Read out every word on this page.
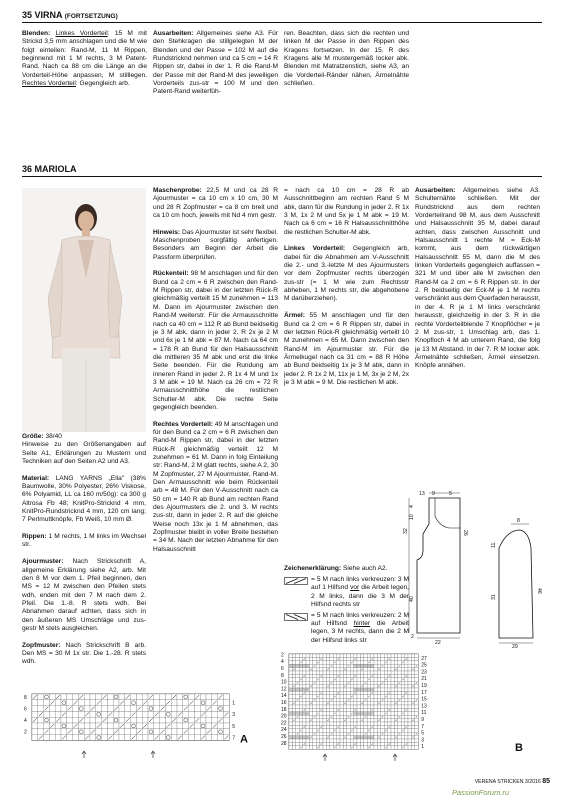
35 VIRNA (FORTSETZUNG)

Blenden: Linkes Vorderteil: 15 M mit Strickd 3,5 mm anschlagen und die M wie folgt einteilen: Rand-M, 11 M Rippen, beginnend mit 1 M rechts, 3 M Patent-Rand. Nach ca 88 cm die Länge an die Vorderteil-Höhe anpassen, M stilllegen. Rechtes Vorderteil: Gegengleich arb.

Ausarbeiten: Allgemeines siehe A3. Für den Stehkragen die stillgelegten M der Blenden und der Passe = 102 M auf die Rundstricknd nehmen und ca 5 cm = 14 R Rippen str, dabei in der 1. R die Rand-M der Passe mit der Rand-M des jeweiligen Vorderteils zus-str = 100 M und den Patent-Rand weiterfüh-

ren. Beachten, dass sich die rechten und linken M der Passe in den Rippen des Kragens fortsetzen. In der 15. R des Kragens alle M mustergemäß locker abk. Blenden mit Matratzenstich, siehe A3, an die Vorderteil-Ränder nähen, Ärmelnähte schließen.

36 MARIOLA

Größe: 38/40
Hinweise zu den Größenangaben auf Seite A1, Erklärungen zu Mustern und Techniken auf den Seiten A2 und A3.

Material: LANG YARNS „Ella" (38% Baumwolle, 30% Polyester, 26% Viskose, 6% Polyamid, LL ca 160 m/50g): ca 300 g Altrosa Fb 48; KnitPro-Stricknd 4 mm, KnitPro-Rundstricknd 4 mm, 120 cm lang; 7 Perlmuttknöpfe, Fb Weiß, 10 mm Ø.

Rippen: 1 M rechts, 1 M links im Wechsel str.

Ajourmuster: Nach Strickschrift A, allgemeine Erklärung siehe A2, arb. Mit den 8 M vor dem 1. Pfeil beginnen, den MS = 12 M zwischen den Pfeilen stets wdh, enden mit den 7 M nach dem 2. Pfeil. Die 1.-8. R stets wdh. Bei Abnahmen darauf achten, dass sich in den äußeren MS Umschläge und zus-gestr M stets ausgleichen.

Zopfmuster: Nach Strickschrift B arb. Den MS = 30 M 1x str. Die 1.-28. R stets wdh.

Maschenprobe: 22,5 M und ca 28 R Ajourmuster = ca 10 cm x 10 cm, 30 M und 28 R Zopfmuster = ca 8 cm breit und ca 10 cm hoch, jeweils mit Nd 4 mm gestr.

Hinweis: Das Ajourmuster ist sehr flexibel. Maschenproben sorgfältig anfertigen. Besonders am Beginn der Arbeit die Passform überprüfen.

Rückenteil: 98 M anschlagen und für den Bund ca 2 cm = 6 R zwischen den Rand-M Rippen str, dabei in der letzten Rück-R gleichmäßig verteilt 15 M zunehmen = 113 M. Dann im Ajourmuster zwischen den Rand-M weiterstr. Für die Armausschnitte nach ca 40 cm = 112 R ab Bund beidseitig je 3 M abk, dann in jeder 2. R 2x je 2 M und 6x je 1 M abk = 87 M. Nach ca 64 cm = 178 R ab Bund für den Halsausschnitt die mittleren 35 M abk und erst die linke Seite beenden. Für die Rundung am inneren Rand in jeder 2. R 1x 4 M und 1x 3 M abk = 19 M. Nach ca 26 cm = 72 R Armausschnitthöhe die restlichen Schulter-M abk. Die rechte Seite gegengleich beenden.

Rechtes Vorderteil: 49 M anschlagen und für den Bund ca 2 cm = 6 R zwischen den Rand-M Rippen str, dabei in der letzten Rück-R gleichmäßig verteilt 12 M zunehmen = 61 M. Dann in folg Einteilung str: Rand-M, 2 M glatt rechts, siehe A 2, 30 M Zopfmuster, 27 M Ajourmuster, Rand-M. Den Armausschnitt wie beim Rückenteil arb = 48 M. Für den V-Ausschnitt nach ca 50 cm = 140 R ab Bund am rechten Rand des Ajourmusters die 2. und 3. M rechts zus-str, dann in jeder 2. R auf die gleiche Weise noch 13x je 1 M abnehmen, das Zopfmuster bleibt in voller Breite bestehen = 34 M. Nach der letzten Abnahme für den Halsausschnitt

= nach ca 10 cm = 28 R ab Ausschnittbeginn am rechten Rand 5 M abk, dann für die Rundung in jeder 2. R 1x 3 M, 1x 2 M und 5x je 1 M abk = 19 M. Nach ca 6 cm = 16 R Halsausschnitthöhe die restlichen Schulter-M abk.

Linkes Vorderteil: Gegengleich arb, dabei für die Abnahmen am V-Ausschnitt die 2.- und 3.-letzte M des Ajourmusters vor dem Zopfmuster rechts überzogen zus-str (= 1 M wie zum Rechtsstr abheben, 1 M rechts str, die abgehobene M darüberziehen).

Ärmel: 55 M anschlagen und für den Bund ca 2 cm = 6 R Rippen str, dabei in der letzten Rück-R gleichmäßig verteilt 10 M zunehmen = 65 M. Dann zwischen den Rand-M im Ajourmuster str. Für die Ärmelkugel nach ca 31 cm = 88 R Höhe ab Bund beidseitig 1x je 3 M abk, dann in jeder 2. R 1x 2 M, 11x je 1 M, 3x je 2 M, 2x je 3 M abk = 9 M. Die restlichen M abk.

Ausarbeiten: Allgemeines siehe A3. Schulternähte schließen. Mit der Rundstricknd aus dem rechten Vorderteilrand 98 M, aus dem Ausschnitt und Halsausschnitt 35 M, dabei darauf achten, dass zwischen Ausschnitt und Halsausschnitt 1 rechte M = Eck-M kommt, aus dem rückwärtigen Halsausschnitt 55 M, dann die M des linken Vorderteils gegengleich auffassen = 321 M und über alle M zwischen den Rand-M ca 2 cm = 6 R Rippen str. In der 2. R beidseitig der Eck-M je 1 M rechts verschränkt aus dem Querfaden herausstr, in der 4. R je 1 M links verschränkt herausstr, gleichzeitig in der 3. R in die rechte Vorderteilblende 7 Knopflöcher = je 2 M zus-str, 1 Umschlag arb, das 1. Knopfloch 4 M ab unterem Rand, die folg je 13 M Abstand. In der 7. R M locker abk. Ärmelnähte schließen, Ärmel einsetzen. Knöpfe annähen.

Zeichenerklärung: Siehe auch A2.

= 5 M nach links verkreuzen: 3 M auf 1 Hilfsnd vor die Arbeit legen, 2 M links, dann die 3 M der Hilfsnd rechts str
= 5 M nach links verkreuzen: 2 M auf Hilfsnd hinter die Arbeit legen, 3 M rechts, dann die 2 M der Hilfsnd links str
13 9	5
32
10
4
40
26
22
2
8
46
31
11
29
7
5
3
1
2
4
6
8
A
1
3
5
7
9
11
13
15
17
19
21
23
25
27
28
26
24
22
20
18
16
14
12
10
8
6
4
2
B
VERENA STRICKEN 3/2016 85
PassionForum.ru
